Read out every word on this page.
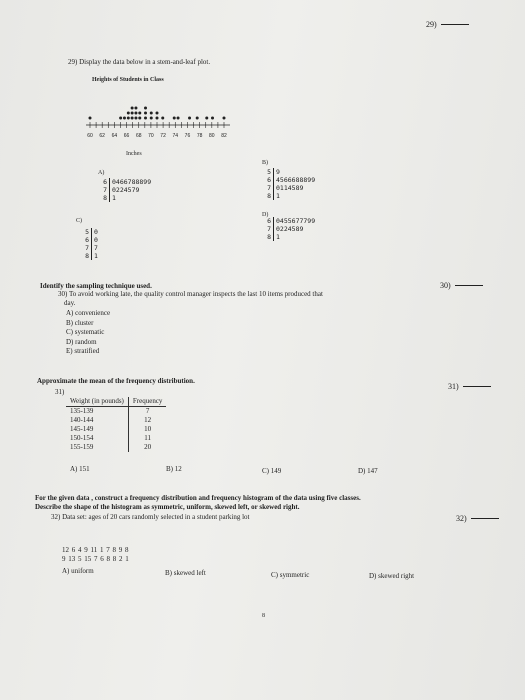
29)
29) Display the data below in a stem-and-leaf plot.
Heights of Students in Class
60 62 64 66 68 70 72 74 76 78 80 82
Inches
A)
6 0466788899
7 0224579
8 1
B)
5 9
6 4566688899
7 0114589
8 1
C)
5 0
6 0
7 7
8 1
D)
6 0455677799
7 0224589
8 1
Identify the sampling technique used.	30)
30) To avoid working late, the quality control manager inspects the last 10 items produced that
day.
A) convenience
B) cluster
C) systematic
D) random
E) stratified
Approximate the mean of the frequency distribution.
31)
31)
Weight (in pounds)	Frequency
135-139	7
140-144	12
145-149	10
150-154	11
155-159	20
A) 151	B) 12	C) 149	D) 147
For the given data , construct a frequency distribution and frequency histogram of the data using five classes.
Describe the shape of the histogram as symmetric, uniform, skewed left, or skewed right.
32) Data set: ages of 20 cars randomly selected in a student parking lot	32)
12 6 4 9 11 1 7 8 9 8
9 13 5 15 7 6 8 8 2 1
A) uniform	B) skewed left	C) symmetric	D) skewed right
8
